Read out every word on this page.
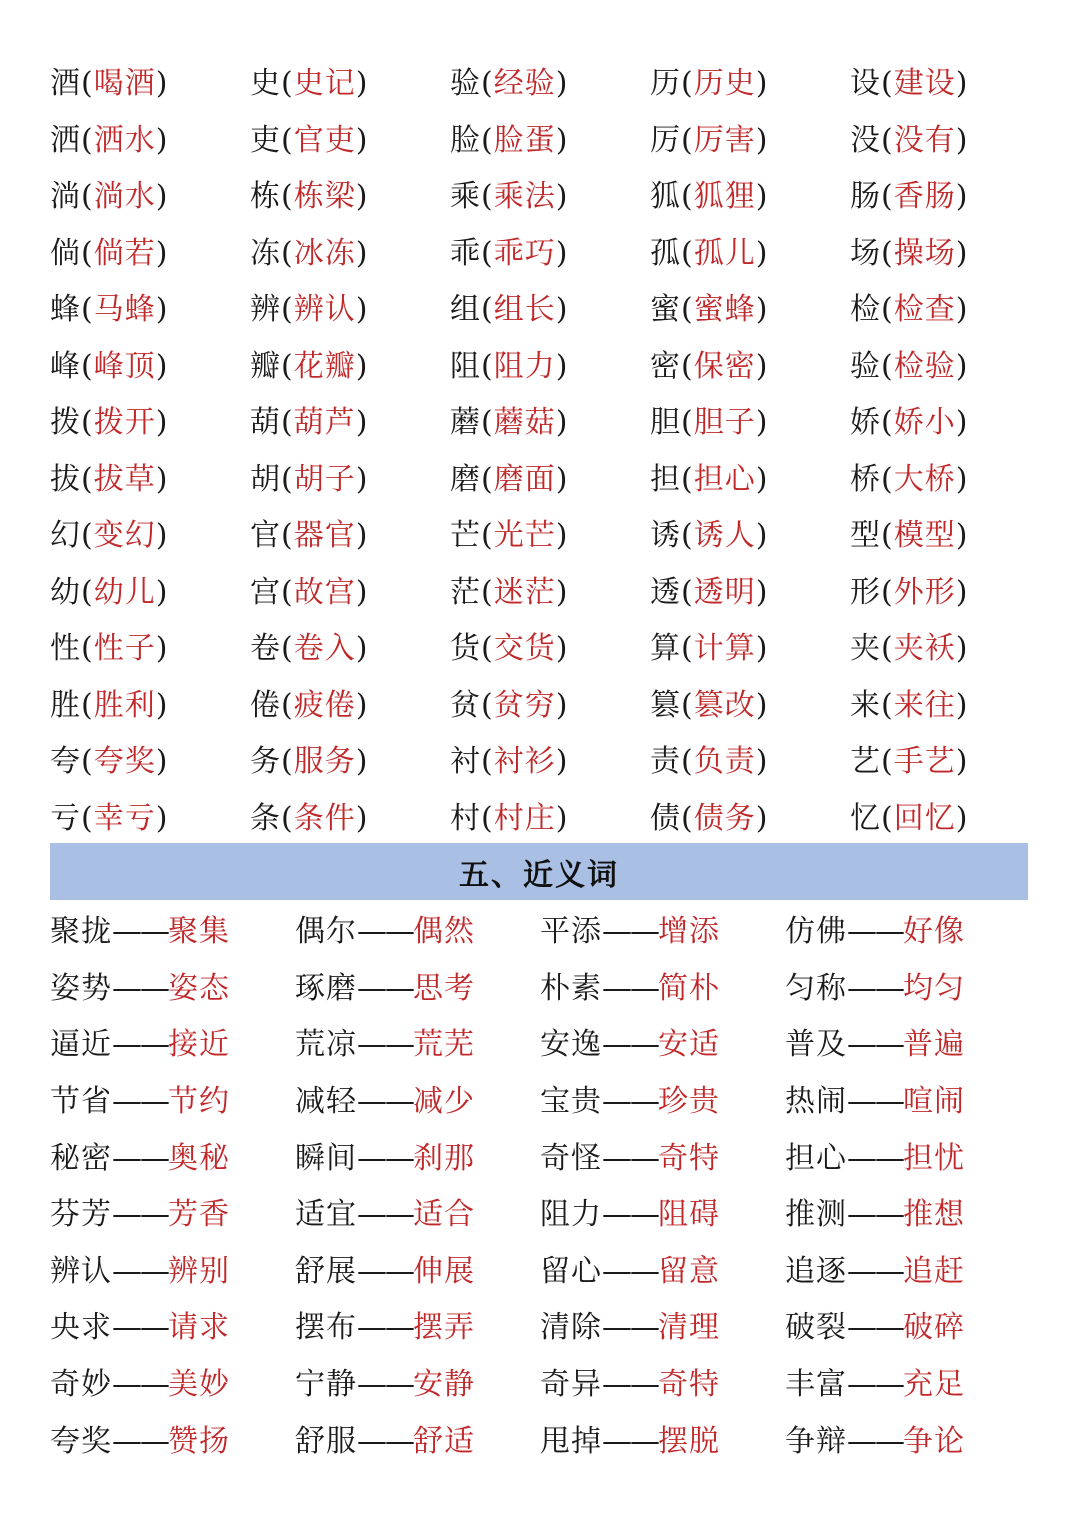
酒(喝酒)	史(史记)	验(经验)	历(历史)	设(建设)
洒(洒水)	吏(官吏)	脸(脸蛋)	厉(厉害)	没(没有)
淌(淌水)	栋(栋梁)	乘(乘法)	狐(狐狸)	肠(香肠)
倘(倘若)	冻(冰冻)	乖(乖巧)	孤(孤儿)	场(操场)
蜂(马蜂)	辨(辨认)	组(组长)	蜜(蜜蜂)	检(检查)
峰(峰顶)	瓣(花瓣)	阻(阻力)	密(保密)	验(检验)
拨(拨开)	葫(葫芦)	蘑(蘑菇)	胆(胆子)	娇(娇小)
拔(拔草)	胡(胡子)	磨(磨面)	担(担心)	桥(大桥)
幻(变幻)	官(器官)	芒(光芒)	诱(诱人)	型(模型)
幼(幼儿)	宫(故宫)	茫(迷茫)	透(透明)	形(外形)
性(性子)	卷(卷入)	货(交货)	算(计算)	夹(夹袄)
胜(胜利)	倦(疲倦)	贫(贫穷)	篡(篡改)	来(来往)
夸(夸奖)	务(服务)	衬(衬衫)	责(负责)	艺(手艺)
亏(幸亏)	条(条件)	村(村庄)	债(债务)	忆(回忆)
五、近义词
聚拢——聚集	偶尔——偶然	平添——增添	仿佛——好像
姿势——姿态	琢磨——思考	朴素——简朴	匀称——均匀
逼近——接近	荒凉——荒芜	安逸——安适	普及——普遍
节省——节约	减轻——减少	宝贵——珍贵	热闹——喧闹
秘密——奥秘	瞬间——刹那	奇怪——奇特	担心——担忧
芬芳——芳香	适宜——适合	阻力——阻碍	推测——推想
辨认——辨别	舒展——伸展	留心——留意	追逐——追赶
央求——请求	摆布——摆弄	清除——清理	破裂——破碎
奇妙——美妙	宁静——安静	奇异——奇特	丰富——充足
夸奖——赞扬	舒服——舒适	甩掉——摆脱	争辩——争论
